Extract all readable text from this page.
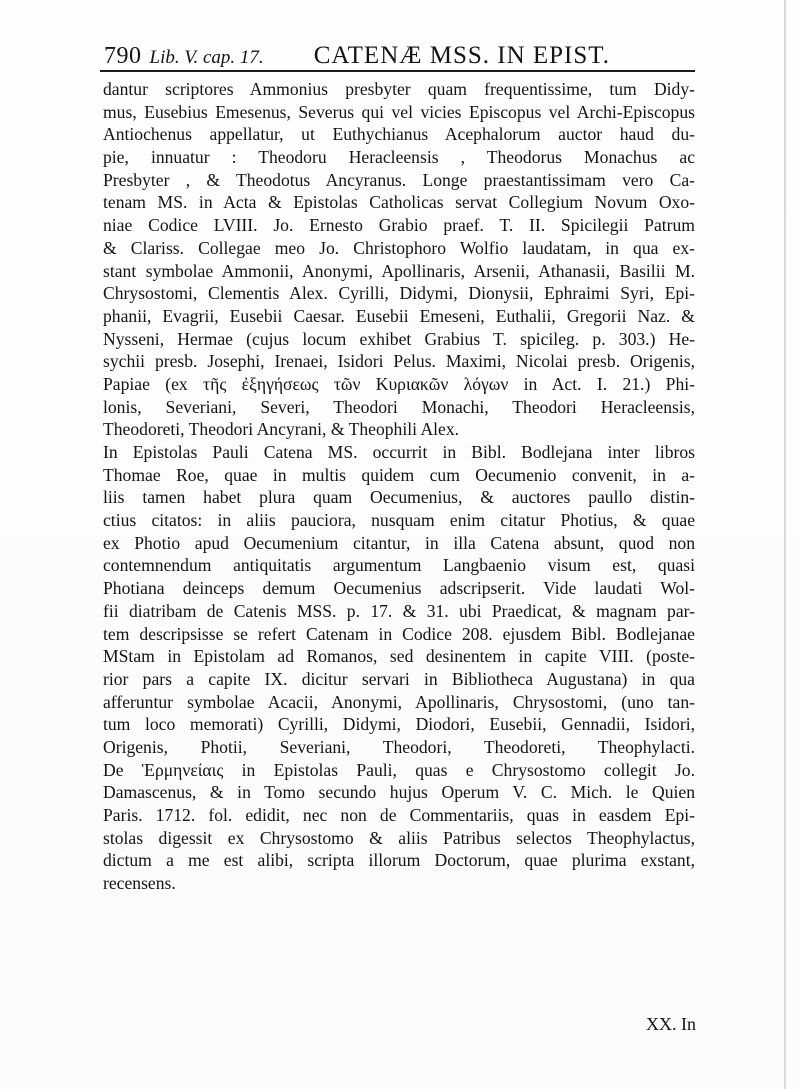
790 Lib. V. cap. 17. CATENÆ MSS. IN EPIST.
dantur scriptores Ammonius presbyter quam frequentissime, tum Didy-
mus, Eusebius Emesenus, Severus qui vel vicies Episcopus vel Archi-Episcopus
Antiochenus appellatur, ut Euthychianus Acephalorum auctor haud du-
pie, innuatur : Theodoru Heracleensis , Theodorus Monachus ac
Presbyter , & Theodotus Ancyranus. Longe praestantissimam vero Ca-
tenam MS. in Acta & Epistolas Catholicas servat Collegium Novum Oxo-
niae Codice LVIII. Jo. Ernesto Grabio praef. T. II. Spicilegii Patrum
& Clariss. Collegae meo Jo. Christophoro Wolfio laudatam, in qua ex-
stant symbolae Ammonii, Anonymi, Apollinaris, Arsenii, Athanasii, Basilii M.
Chrysostomi, Clementis Alex. Cyrilli, Didymi, Dionysii, Ephraimi Syri, Epi-
phanii, Evagrii, Eusebii Caesar. Eusebii Emeseni, Euthalii, Gregorii Naz. &
Nysseni, Hermae (cujus locum exhibet Grabius T. spicileg. p. 303.) He-
sychii presb. Josephi, Irenaei, Isidori Pelus. Maximi, Nicolai presb. Origenis,
Papiae (ex τῆς ἐξηγήσεως τῶν Κυριακῶν λόγων in Act. I. 21.) Phi-
lonis, Severiani, Severi, Theodori Monachi, Theodori Heracleensis,
Theodoreti, Theodori Ancyrani, & Theophili Alex.
In Epistolas Pauli Catena MS. occurrit in Bibl. Bodlejana inter libros
Thomae Roe, quae in multis quidem cum Oecumenio convenit, in a-
liis tamen habet plura quam Oecumenius, & auctores paullo distin-
ctius citatos: in aliis pauciora, nusquam enim citatur Photius, & quae
ex Photio apud Oecumenium citantur, in illa Catena absunt, quod non
contemnendum antiquitatis argumentum Langbaenio visum est, quasi
Photiana deinceps demum Oecumenius adscripserit. Vide laudati Wol-
fii diatribam de Catenis MSS. p. 17. & 31. ubi Praedicat, & magnam par-
tem descripsisse se refert Catenam in Codice 208. ejusdem Bibl. Bodlejanae
MStam in Epistolam ad Romanos, sed desinentem in capite VIII. (poste-
rior pars a capite IX. dicitur servari in Bibliotheca Augustana) in qua
afferuntur symbolae Acacii, Anonymi, Apollinaris, Chrysostomi, (uno tan-
tum loco memorati) Cyrilli, Didymi, Diodori, Eusebii, Gennadii, Isidori,
Origenis, Photii, Severiani, Theodori, Theodoreti, Theophylacti.
De Ἑρμηνείαις in Epistolas Pauli, quas e Chrysostomo collegit Jo.
Damascenus, & in Tomo secundo hujus Operum V. C. Mich. le Quien
Paris. 1712. fol. edidit, nec non de Commentariis, quas in easdem Epi-
stolas digessit ex Chrysostomo & aliis Patribus selectos Theophylactus,
dictum a me est alibi, scripta illorum Doctorum, quae plurima exstant,
recensens.
XX. In
